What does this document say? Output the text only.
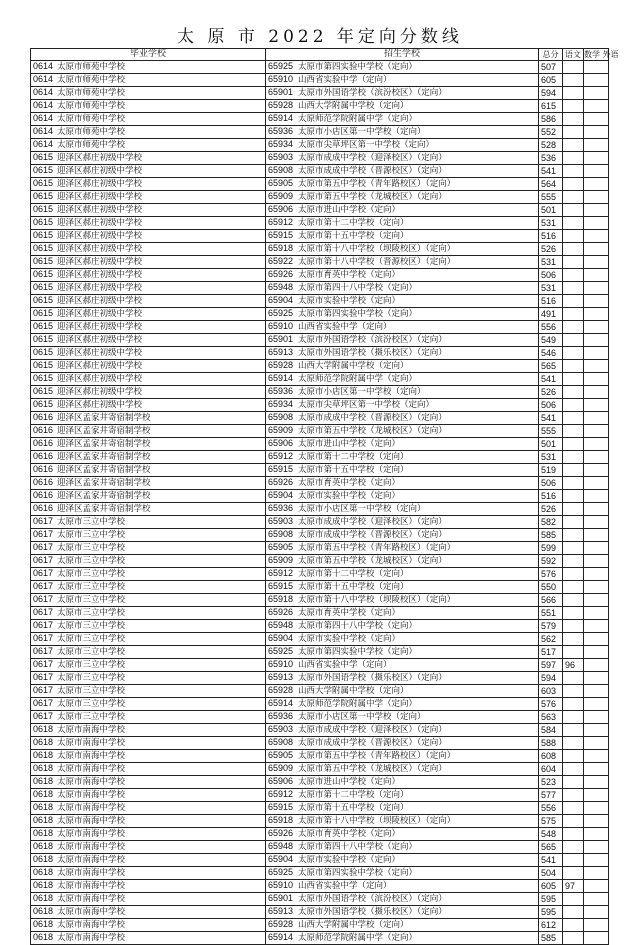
太 原 市 2022 年定向分数线
毕业学校	招生学校	总分	语文	数学 外语
0614 太原市师苑中学校	65925 太原市第四实验中学校（定向）	507		
0614 太原市师苑中学校	65910 山西省实验中学（定向）	605		
0614 太原市师苑中学校	65901 太原市外国语学校（滨汾校区）（定向）	594		
0614 太原市师苑中学校	65928 山西大学附属中学校（定向）	615		
0614 太原市师苑中学校	65914 太原师范学院附属中学（定向）	586		
0614 太原市师苑中学校	65936 太原市小店区第一中学校（定向）	552		
0614 太原市师苑中学校	65934 太原市尖草坪区第一中学校（定向）	528		
0615 迎泽区郝庄初级中学校	65903 太原市成成中学校（迎泽校区）（定向）	536		
0615 迎泽区郝庄初级中学校	65908 太原市成成中学校（晋源校区）（定向）	541		
0615 迎泽区郝庄初级中学校	65905 太原市第五中学校（青年路校区）（定向）	564		
0615 迎泽区郝庄初级中学校	65909 太原市第五中学校（龙城校区）（定向）	555		
0615 迎泽区郝庄初级中学校	65906 太原市进山中学校（定向）	501		
0615 迎泽区郝庄初级中学校	65912 太原市第十二中学校（定向）	531		
0615 迎泽区郝庄初级中学校	65915 太原市第十五中学校（定向）	516		
0615 迎泽区郝庄初级中学校	65918 太原市第十八中学校（坝陵校区）（定向）	526		
0615 迎泽区郝庄初级中学校	65922 太原市第十八中学校（晋源校区）（定向）	531		
0615 迎泽区郝庄初级中学校	65926 太原市育英中学校（定向）	506		
0615 迎泽区郝庄初级中学校	65948 太原市第四十八中学校（定向）	531		
0615 迎泽区郝庄初级中学校	65904 太原市实验中学校（定向）	516		
0615 迎泽区郝庄初级中学校	65925 太原市第四实验中学校（定向）	491		
0615 迎泽区郝庄初级中学校	65910 山西省实验中学（定向）	556		
0615 迎泽区郝庄初级中学校	65901 太原市外国语学校（滨汾校区）（定向）	549		
0615 迎泽区郝庄初级中学校	65913 太原市外国语学校（摄乐校区）（定向）	546		
0615 迎泽区郝庄初级中学校	65928 山西大学附属中学校（定向）	565		
0615 迎泽区郝庄初级中学校	65914 太原师范学院附属中学（定向）	541		
0615 迎泽区郝庄初级中学校	65936 太原市小店区第一中学校（定向）	526		
0615 迎泽区郝庄初级中学校	65934 太原市尖草坪区第一中学校（定向）	506		
0616 迎泽区孟家井寄宿制学校	65908 太原市成成中学校（晋源校区）（定向）	541		
0616 迎泽区孟家井寄宿制学校	65909 太原市第五中学校（龙城校区）（定向）	555		
0616 迎泽区孟家井寄宿制学校	65906 太原市进山中学校（定向）	501		
0616 迎泽区孟家井寄宿制学校	65912 太原市第十二中学校（定向）	531		
0616 迎泽区孟家井寄宿制学校	65915 太原市第十五中学校（定向）	519		
0616 迎泽区孟家井寄宿制学校	65926 太原市育英中学校（定向）	506		
0616 迎泽区孟家井寄宿制学校	65904 太原市实验中学校（定向）	516		
0616 迎泽区孟家井寄宿制学校	65936 太原市小店区第一中学校（定向）	526		
0617 太原市三立中学校	65903 太原市成成中学校（迎泽校区）（定向）	582		
0617 太原市三立中学校	65908 太原市成成中学校（晋源校区）（定向）	585		
0617 太原市三立中学校	65905 太原市第五中学校（青年路校区）（定向）	599		
0617 太原市三立中学校	65909 太原市第五中学校（龙城校区）（定向）	592		
0617 太原市三立中学校	65912 太原市第十二中学校（定向）	576		
0617 太原市三立中学校	65915 太原市第十五中学校（定向）	550		
0617 太原市三立中学校	65918 太原市第十八中学校（坝陵校区）（定向）	566		
0617 太原市三立中学校	65926 太原市育英中学校（定向）	551		
0617 太原市三立中学校	65948 太原市第四十八中学校（定向）	579		
0617 太原市三立中学校	65904 太原市实验中学校（定向）	562		
0617 太原市三立中学校	65925 太原市第四实验中学校（定向）	517		
0617 太原市三立中学校	65910 山西省实验中学（定向）	597	96	
0617 太原市三立中学校	65913 太原市外国语学校（摄乐校区）（定向）	594		
0617 太原市三立中学校	65928 山西大学附属中学校（定向）	603		
0617 太原市三立中学校	65914 太原师范学院附属中学（定向）	576		
0617 太原市三立中学校	65936 太原市小店区第一中学校（定向）	563		
0618 太原市南海中学校	65903 太原市成成中学校（迎泽校区）（定向）	584		
0618 太原市南海中学校	65908 太原市成成中学校（晋源校区）（定向）	588		
0618 太原市南海中学校	65905 太原市第五中学校（青年路校区）（定向）	608		
0618 太原市南海中学校	65909 太原市第五中学校（龙城校区）（定向）	604		
0618 太原市南海中学校	65906 太原市进山中学校（定向）	523		
0618 太原市南海中学校	65912 太原市第十二中学校（定向）	577		
0618 太原市南海中学校	65915 太原市第十五中学校（定向）	556		
0618 太原市南海中学校	65918 太原市第十八中学校（坝陵校区）（定向）	575		
0618 太原市南海中学校	65926 太原市育英中学校（定向）	548		
0618 太原市南海中学校	65948 太原市第四十八中学校（定向）	565		
0618 太原市南海中学校	65904 太原市实验中学校（定向）	541		
0618 太原市南海中学校	65925 太原市第四实验中学校（定向）	504		
0618 太原市南海中学校	65910 山西省实验中学（定向）	605	97	
0618 太原市南海中学校	65901 太原市外国语学校（滨汾校区）（定向）	595		
0618 太原市南海中学校	65913 太原市外国语学校（摄乐校区）（定向）	595		
0618 太原市南海中学校	65928 山西大学附属中学校（定向）	612		
0618 太原市南海中学校	65914 太原师范学院附属中学（定向）	585		
